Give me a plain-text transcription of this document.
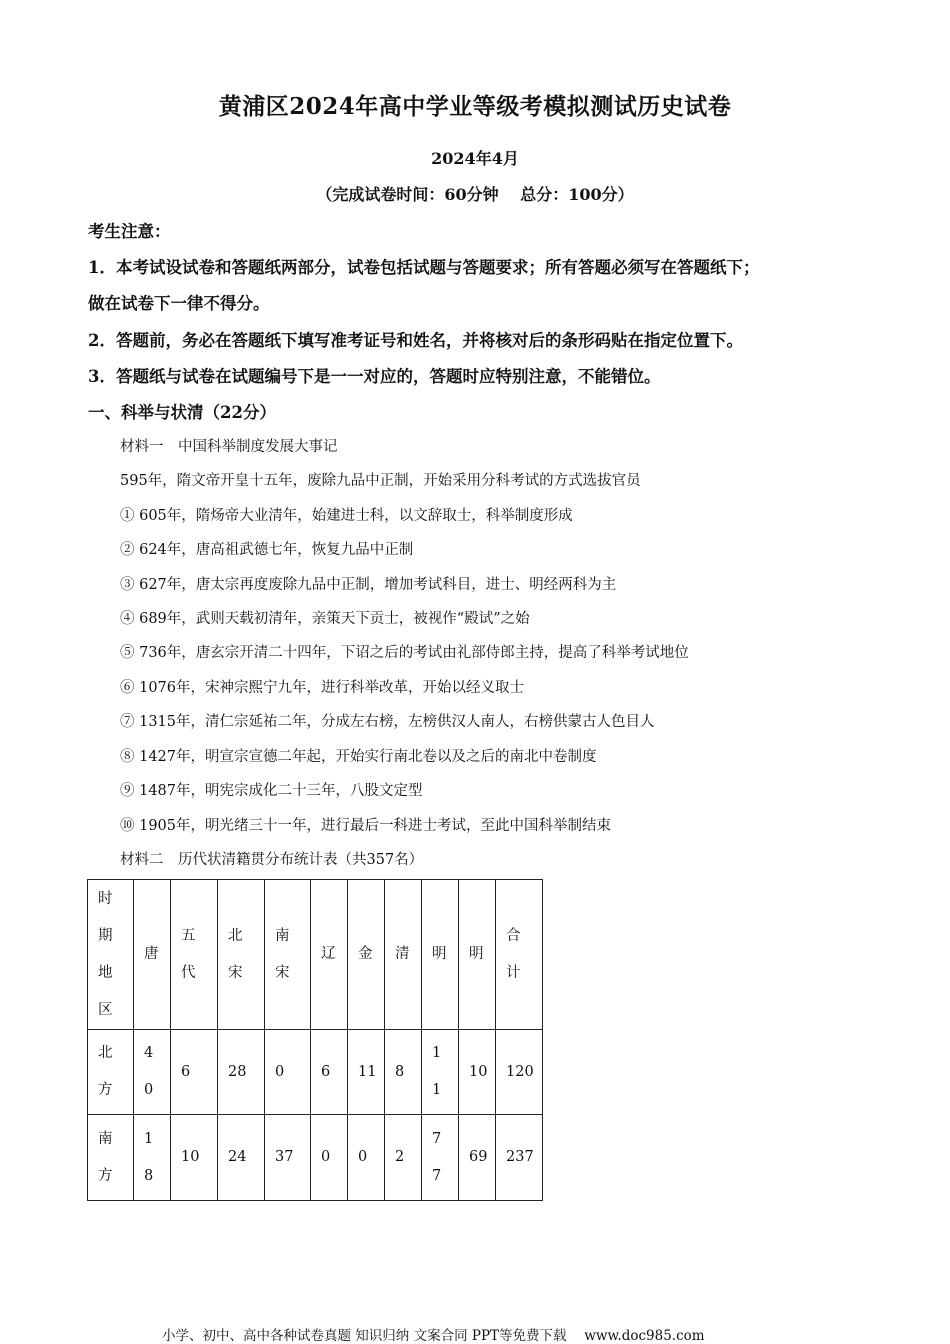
黄浦区2024年高中学业等级考模拟测试历史试卷
2024年4月
（完成试卷时间：60分钟　 总分：100分）
考生注意：
1．本考试设试卷和答题纸两部分，试卷包括试题与答题要求；所有答题必须写在答题纸下；
做在试卷下一律不得分。
2．答题前，务必在答题纸下填写准考证号和姓名，并将核对后的条形码贴在指定位置下。
3．答题纸与试卷在试题编号下是一一对应的，答题时应特别注意，不能错位。
一、科举与状清（22分）
材料一　中国科举制度发展大事记
595年，隋文帝开皇十五年，废除九品中正制，开始采用分科考试的方式选拔官员
① 605年，隋炀帝大业清年，始建进士科，以文辞取士，科举制度形成
② 624年，唐高祖武德七年，恢复九品中正制
③ 627年，唐太宗再度废除九品中正制，增加考试科目，进士、明经两科为主
④ 689年，武则天载初清年，亲策天下贡士，被视作“殿试”之始
⑤ 736年，唐玄宗开清二十四年，下诏之后的考试由礼部侍郎主持，提高了科举考试地位
⑥ 1076年，宋神宗熙宁九年，进行科举改革，开始以经义取士
⑦ 1315年，清仁宗延祐二年，分成左右榜，左榜供汉人南人，右榜供蒙古人色目人
⑧ 1427年，明宣宗宣德二年起，开始实行南北卷以及之后的南北中卷制度
⑨ 1487年，明宪宗成化二十三年，八股文定型
⑩ 1905年，明光绪三十一年，进行最后一科进士考试，至此中国科举制结束
材料二　历代状清籍贯分布统计表（共357名）
时期地区	唐	五代	北宋	南宋	辽	金	清	明	明	合计

北方	40	6	28	0	6	11	8	11	10	120

南方	18	10	24	37	0	0	2	77	69	237
小学、初中、高中各种试卷真题 知识归纳 文案合同 PPT等免费下载　 www.doc985.com
